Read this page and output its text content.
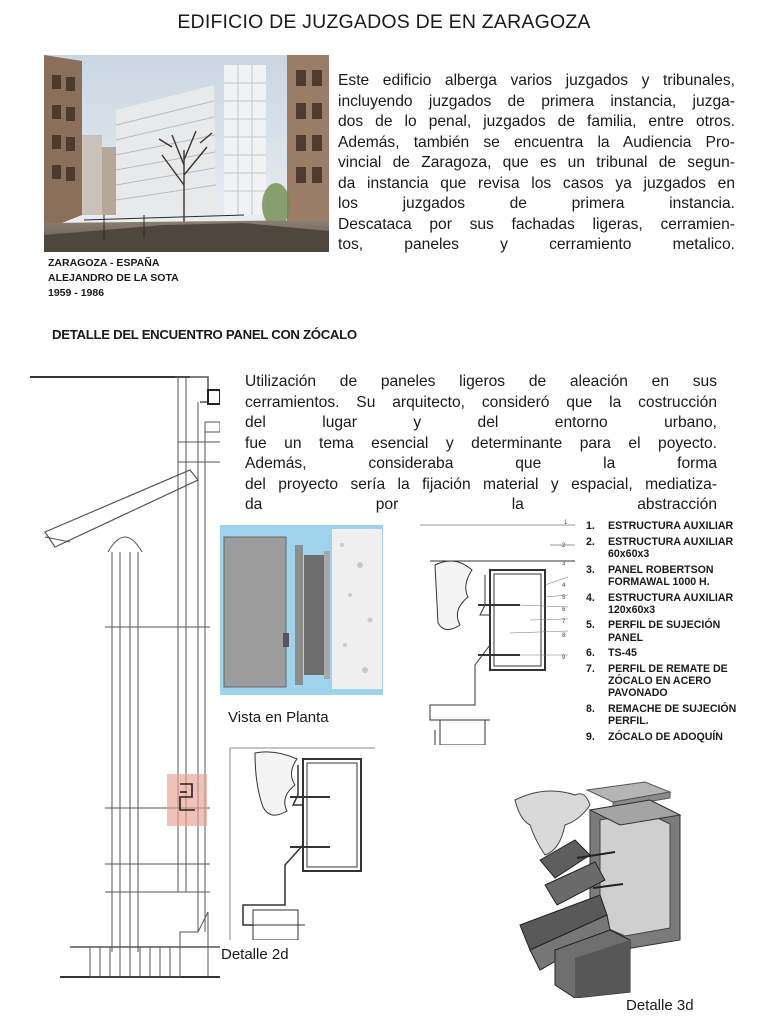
EDIFICIO DE JUZGADOS DE EN ZARAGOZA
ZARAGOZA - ESPAÑA
ALEJANDRO DE LA SOTA
1959 - 1986
Este edificio alberga varios juzgados y tribunales,
incluyendo juzgados de primera instancia, juzga-
dos de lo penal, juzgados de familia, entre otros.
Además, también se encuentra la Audiencia Pro-
vincial de Zaragoza, que es un tribunal de segun-
da instancia que revisa los casos ya juzgados en
los juzgados de primera instancia.
Descataca por sus fachadas ligeras, cerramien-
tos, paneles y cerramiento metalico.
DETALLE DEL ENCUENTRO PANEL CON ZÓCALO
Utilización de paneles ligeros de aleación en sus
cerramientos. Su arquitecto, consideró que la costrucción
del lugar y del entorno urbano,
fue un tema esencial y determinante para el poyecto.
Además, consideraba que la forma
del proyecto sería la fijación material y espacial, mediatiza-
da por la abstracción
1
2
3
4
5
6
7
8
9
1.	ESTRUCTURA AUXILIAR
2.	ESTRUCTURA AUXILIAR 60x60x3
3.	PANEL ROBERTSON FORMAWAL 1000 H.
4.	ESTRUCTURA AUXILIAR 120x60x3
5.	PERFIL DE SUJECIÓN PANEL
6.	TS-45
7.	PERFIL DE REMATE DE ZÓCALO EN ACERO PAVONADO
8.	REMACHE DE SUJECIÓN PERFIL.
9.	ZÓCALO DE ADOQUÍN
Vista en Planta
Detalle 2d
Detalle 3d
